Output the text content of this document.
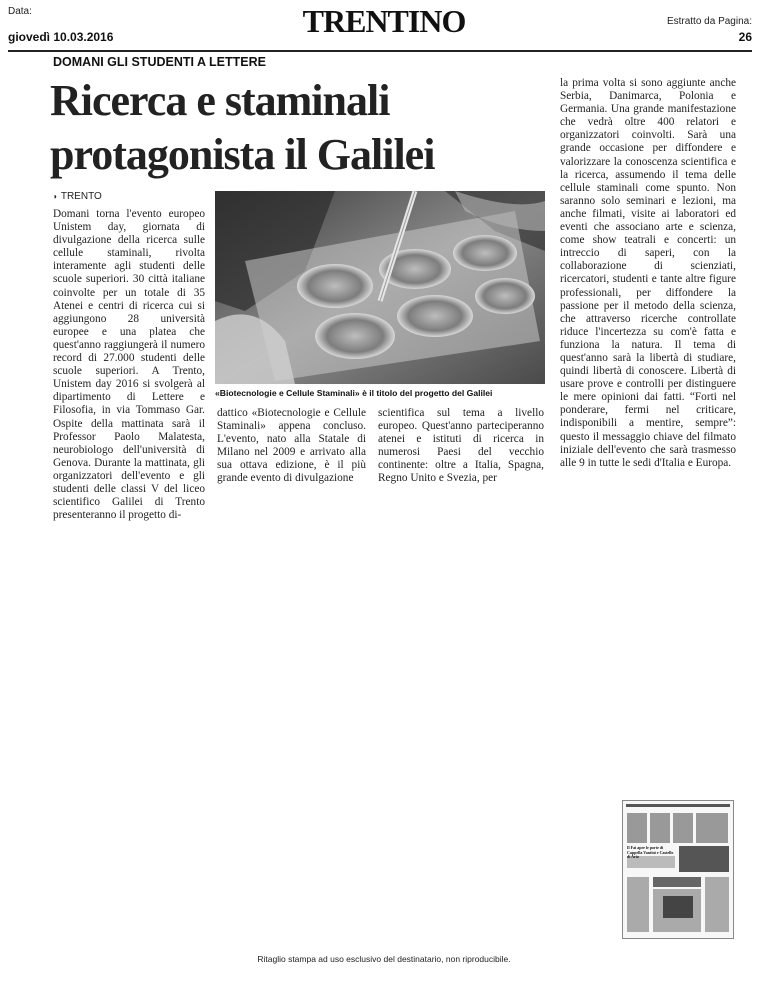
Data:
giovedì 10.03.2016	TRENTINO	Estratto da Pagina:
26
DOMANI GLI STUDENTI A LETTERE
Ricerca e staminali protagonista il Galilei
◗ TRENTO

Domani torna l'evento europeo Unistem day, giornata di divulgazione della ricerca sulle cellule staminali, rivolta interamente agli studenti delle scuole superiori. 30 città italiane coinvolte per un totale di 35 Atenei e centri di ricerca cui si aggiungono 28 università europee e una platea che quest'anno raggiungerà il numero record di 27.000 studenti delle scuole superiori. A Trento, Unistem day 2016 si svolgerà al dipartimento di Lettere e Filosofia, in via Tommaso Gar. Ospite della mattinata sarà il Professor Paolo Malatesta, neurobiologo dell'università di Genova. Durante la mattinata, gli organizzatori dell'evento e gli studenti delle classi V del liceo scientifico Galilei di Trento presenteranno il progetto di-

«Biotecnologie e Cellule Staminali» è il titolo del progetto del Galilei

dattico «Biotecnologie e Cellule Staminali» appena concluso. L'evento, nato alla Statale di Milano nel 2009 e arrivato alla sua ottava edizione, è il più grande evento di divulgazione

scientifica sul tema a livello europeo. Quest'anno parteciperanno atenei e istituti di ricerca in numerosi Paesi del vecchio continente: oltre a Italia, Spagna, Regno Unito e Svezia, per

la prima volta si sono aggiunte anche Serbia, Danimarca, Polonia e Germania. Una grande manifestazione che vedrà oltre 400 relatori e organizzatori coinvolti. Sarà una grande occasione per diffondere e valorizzare la conoscenza scientifica e la ricerca, assumendo il tema delle cellule staminali come spunto. Non saranno solo seminari e lezioni, ma anche filmati, visite ai laboratori ed eventi che associano arte e scienza, come show teatrali e concerti: un intreccio di saperi, con la collaborazione di scienziati, ricercatori, studenti e tante altre figure professionali, per diffondere la passione per il metodo della scienza, che attraverso ricerche controllate riduce l'incertezza su com'è fatta e funziona la natura. Il tema di quest'anno sarà la libertà di studiare, quindi libertà di conoscere. Libertà di usare prove e controlli per distinguere le mere opinioni dai fatti. “Forti nel ponderare, fermi nel criticare, indisponibili a mentire, sempre”: questo il messaggio chiave del filmato iniziale dell'evento che sarà trasmesso alle 9 in tutte le sedi d'Italia e Europa.

Il Fai apre le porte di Cappella Vantini e Castello di Avio
Ritaglio stampa ad uso esclusivo del destinatario, non riproducibile.
